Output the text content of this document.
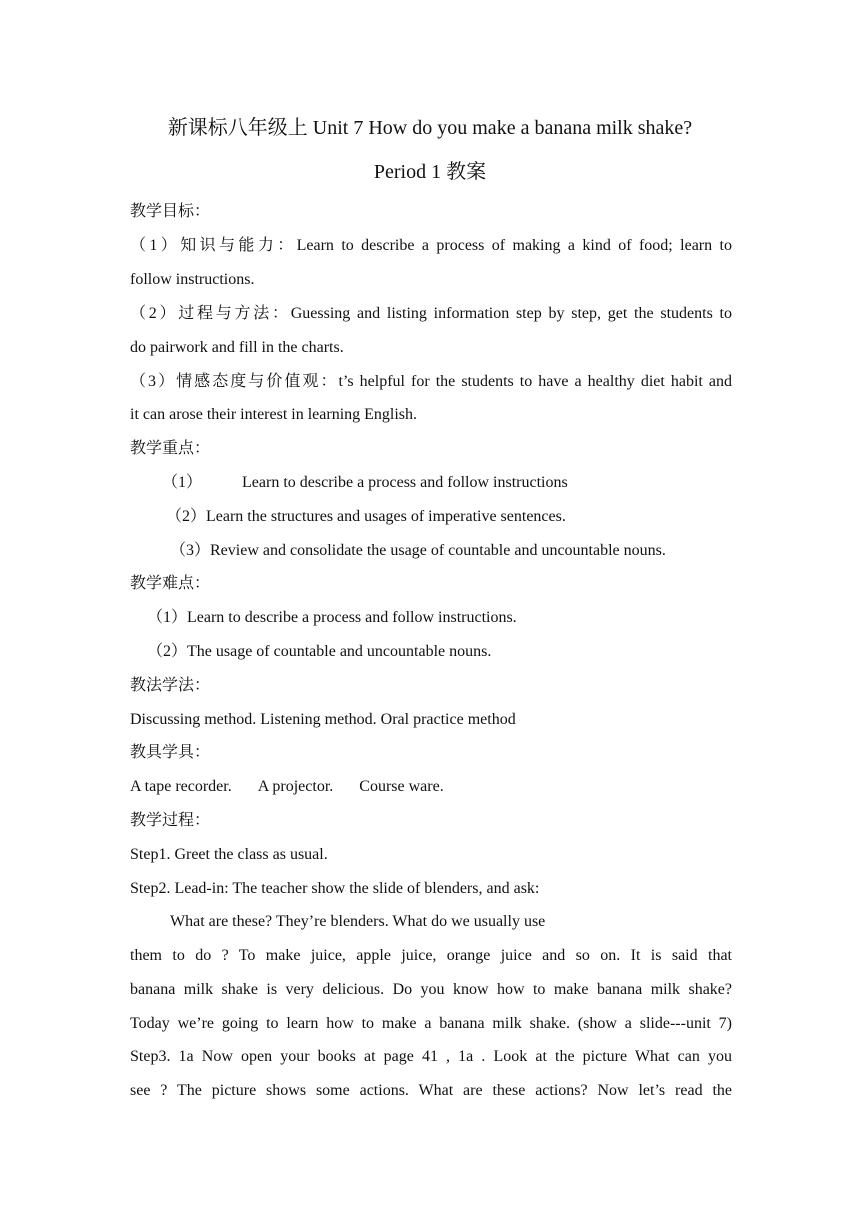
新课标八年级上 Unit 7 How do you make a banana milk shake?
Period 1 教案
教学目标：
（1）知识与能力：Learn to describe a process of making a kind of food; learn to
follow instructions.
（2）过程与方法：Guessing and listing information step by step, get the students to
do pairwork and fill in the charts.
（3）情感态度与价值观：t’s helpful for the students to have a healthy diet habit and
it can arose their interest in learning English.
教学重点：
（1）	Learn to describe a process and follow instructions
（2）Learn the structures and usages of imperative sentences.
（3）Review and consolidate the usage of countable and uncountable nouns.
教学难点：
（1）Learn to describe a process and follow instructions.
（2）The usage of countable and uncountable nouns.
教法学法：
Discussing method. Listening method. Oral practice method
教具学具：
A tape recorder. A projector. Course ware.
教学过程：
Step1. Greet the class as usual.
Step2. Lead-in: The teacher show the slide of blenders, and ask:
What are these? They’re blenders. What do we usually use
them to do ? To make juice, apple juice, orange juice and so on. It is said that
banana milk shake is very delicious. Do you know how to make banana milk shake?
Today we’re going to learn how to make a banana milk shake. (show a slide---unit 7)
Step3. 1a Now open your books at page 41 , 1a . Look at the picture What can you
see ? The picture shows some actions. What are these actions? Now let’s read the
